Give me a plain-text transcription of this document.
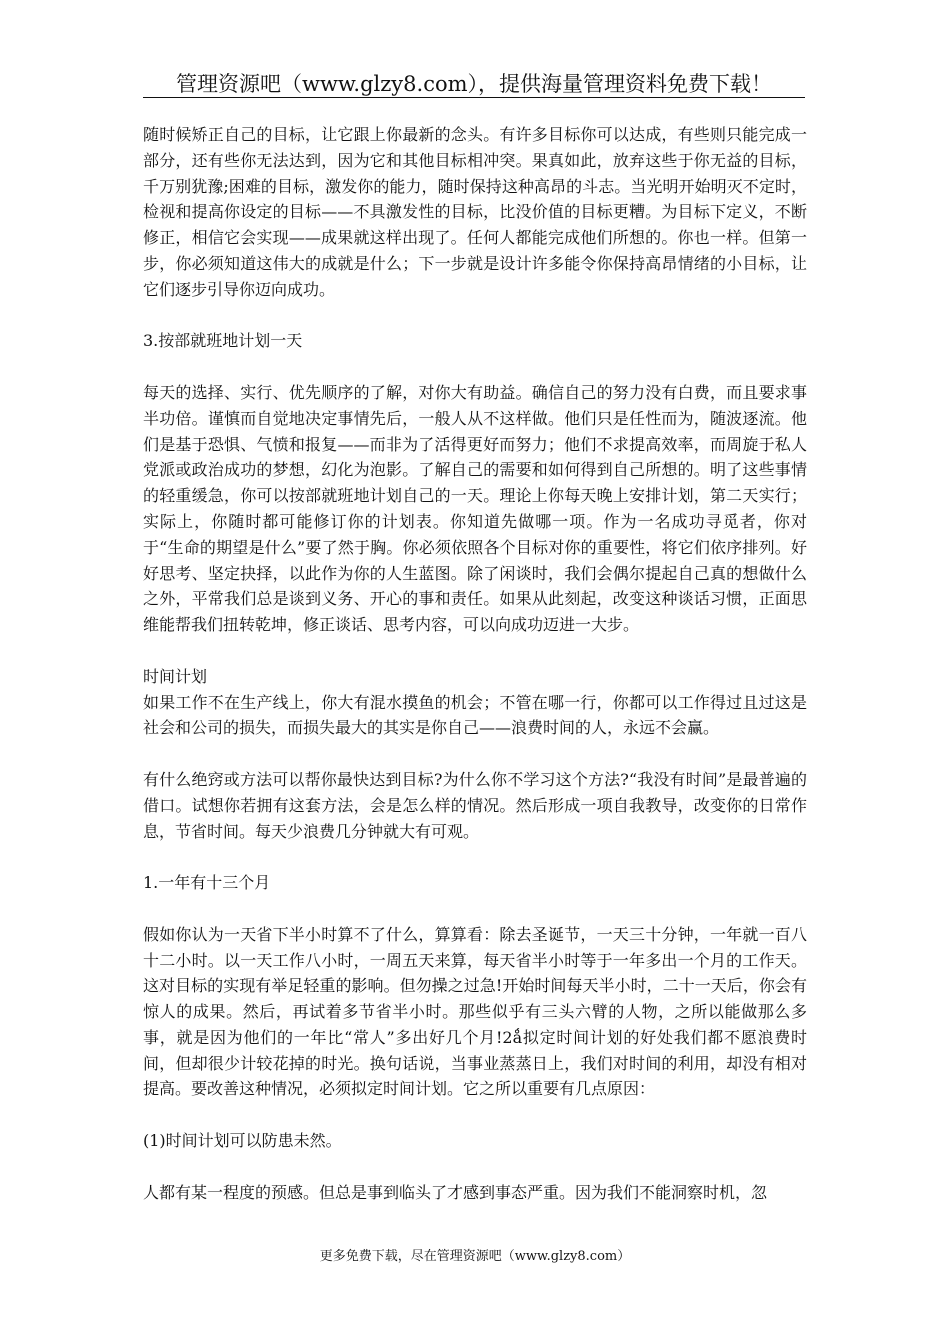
管理资源吧（www.glzy8.com），提供海量管理资料免费下载！

随时候矫正自己的目标，让它跟上你最新的念头。有许多目标你可以达成，有些则只能完成一部分，还有些你无法达到，因为它和其他目标相冲突。果真如此，放弃这些于你无益的目标，千万别犹豫;困难的目标，激发你的能力，随时保持这种高昂的斗志。当光明开始明灭不定时，检视和提高你设定的目标——不具激发性的目标，比没价值的目标更糟。为目标下定义，不断修正，相信它会实现——成果就这样出现了。任何人都能完成他们所想的。你也一样。但第一步，你必须知道这伟大的成就是什么；下一步就是设计许多能令你保持高昂情绪的小目标，让它们逐步引导你迈向成功。

3.按部就班地计划一天

每天的选择、实行、优先顺序的了解，对你大有助益。确信自己的努力没有白费，而且要求事半功倍。谨慎而自觉地决定事情先后，一般人从不这样做。他们只是任性而为，随波逐流。他们是基于恐惧、气愤和报复——而非为了活得更好而努力；他们不求提高效率，而周旋于私人党派或政治成功的梦想，幻化为泡影。了解自己的需要和如何得到自己所想的。明了这些事情的轻重缓急，你可以按部就班地计划自己的一天。理论上你每天晚上安排计划，第二天实行；实际上，你随时都可能修订你的计划表。你知道先做哪一项。作为一名成功寻觅者，你对于“生命的期望是什么”要了然于胸。你必须依照各个目标对你的重要性，将它们依序排列。好好思考、坚定抉择，以此作为你的人生蓝图。除了闲谈时，我们会偶尔提起自己真的想做什么之外，平常我们总是谈到义务、开心的事和责任。如果从此刻起，改变这种谈话习惯，正面思维能帮我们扭转乾坤，修正谈话、思考内容，可以向成功迈进一大步。

时间计划

如果工作不在生产线上，你大有混水摸鱼的机会；不管在哪一行，你都可以工作得过且过这是社会和公司的损失，而损失最大的其实是你自己——浪费时间的人，永远不会赢。

有什么绝窍或方法可以帮你最快达到目标?为什么你不学习这个方法?“我没有时间”是最普遍的借口。试想你若拥有这套方法，会是怎么样的情况。然后形成一项自我教导，改变你的日常作息，节省时间。每天少浪费几分钟就大有可观。

1.一年有十三个月

假如你认为一天省下半小时算不了什么，算算看：除去圣诞节，一天三十分钟，一年就一百八十二小时。以一天工作八小时，一周五天来算，每天省半小时等于一年多出一个月的工作天。这对目标的实现有举足轻重的影响。但勿操之过急!开始时间每天半小时，二十一天后，你会有惊人的成果。然后，再试着多节省半小时。那些似乎有三头六臂的人物，之所以能做那么多事，就是因为他们的一年比“常人”多出好几个月!2ǻ拟定时间计划的好处我们都不愿浪费时间，但却很少计较花掉的时光。换句话说，当事业蒸蒸日上，我们对时间的利用，却没有相对提高。要改善这种情况，必须拟定时间计划。它之所以重要有几点原因：

(1)时间计划可以防患未然。

人都有某一程度的预感。但总是事到临头了才感到事态严重。因为我们不能洞察时机，忽

更多免费下载，尽在管理资源吧（www.glzy8.com）
